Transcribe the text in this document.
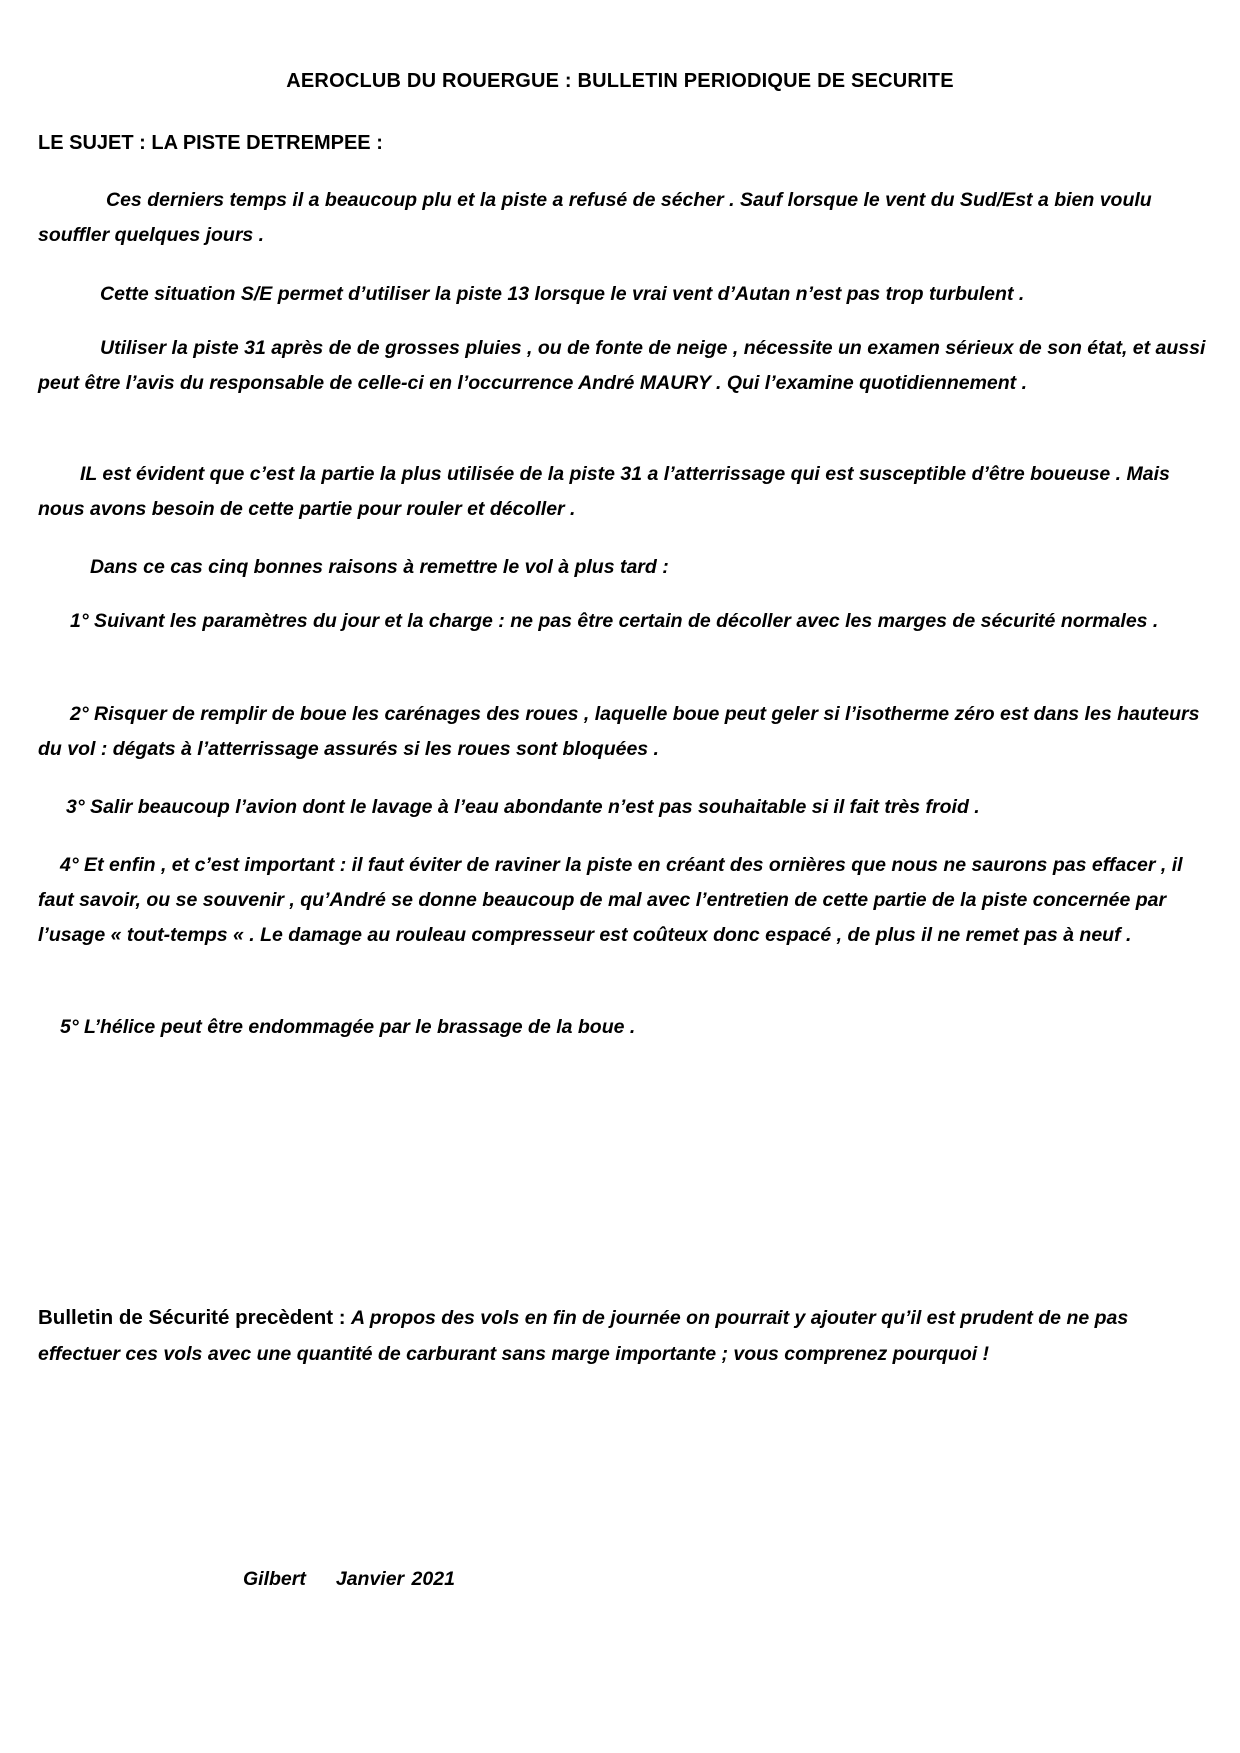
AEROCLUB DU ROUERGUE : BULLETIN PERIODIQUE DE SECURITE
LE SUJET : LA PISTE DETREMPEE :

Ces derniers temps il a beaucoup plu et la piste a refusé de sécher . Sauf lorsque le vent du Sud/Est a bien voulu souffler quelques jours .

Cette situation S/E permet d’utiliser la piste 13 lorsque le vrai vent d’Autan n’est pas trop turbulent .

Utiliser la piste 31 après de de grosses pluies , ou de fonte de neige , nécessite un examen sérieux de son état, et aussi peut être l’avis du responsable de celle-ci en l’occurrence André MAURY . Qui l’examine quotidiennement .

IL est évident que c’est la partie la plus utilisée de la piste 31 a l’atterrissage qui est susceptible d’être boueuse . Mais nous avons besoin de cette partie pour rouler et décoller .

Dans ce cas cinq bonnes raisons à remettre le vol à plus tard :

1° Suivant les paramètres du jour et la charge : ne pas être certain de décoller avec les marges de sécurité normales .

2° Risquer de remplir de boue les carénages des roues , laquelle boue peut geler si l’isotherme zéro est dans les hauteurs du vol : dégats à l’atterrissage assurés si les roues sont bloquées .

3° Salir beaucoup l’avion dont le lavage à l’eau abondante n’est pas souhaitable si il fait très froid .

4° Et enfin , et c’est important : il faut éviter de raviner la piste en créant des ornières que nous ne saurons pas effacer , il faut savoir, ou se souvenir , qu’André se donne beaucoup de mal avec l’entretien de cette partie de la piste concernée par l’usage « tout-temps « . Le damage au rouleau compresseur est coûteux donc espacé , de plus il ne remet pas à neuf .

5° L’hélice peut être endommagée par le brassage de la boue .

Bulletin de Sécurité precèdent : A propos des vols en fin de journée on pourrait y ajouter qu’il est prudent de ne pas effectuer ces vols avec une quantité de carburant sans marge importante ; vous comprenez pourquoi !
Gilbert Janvier 2021
